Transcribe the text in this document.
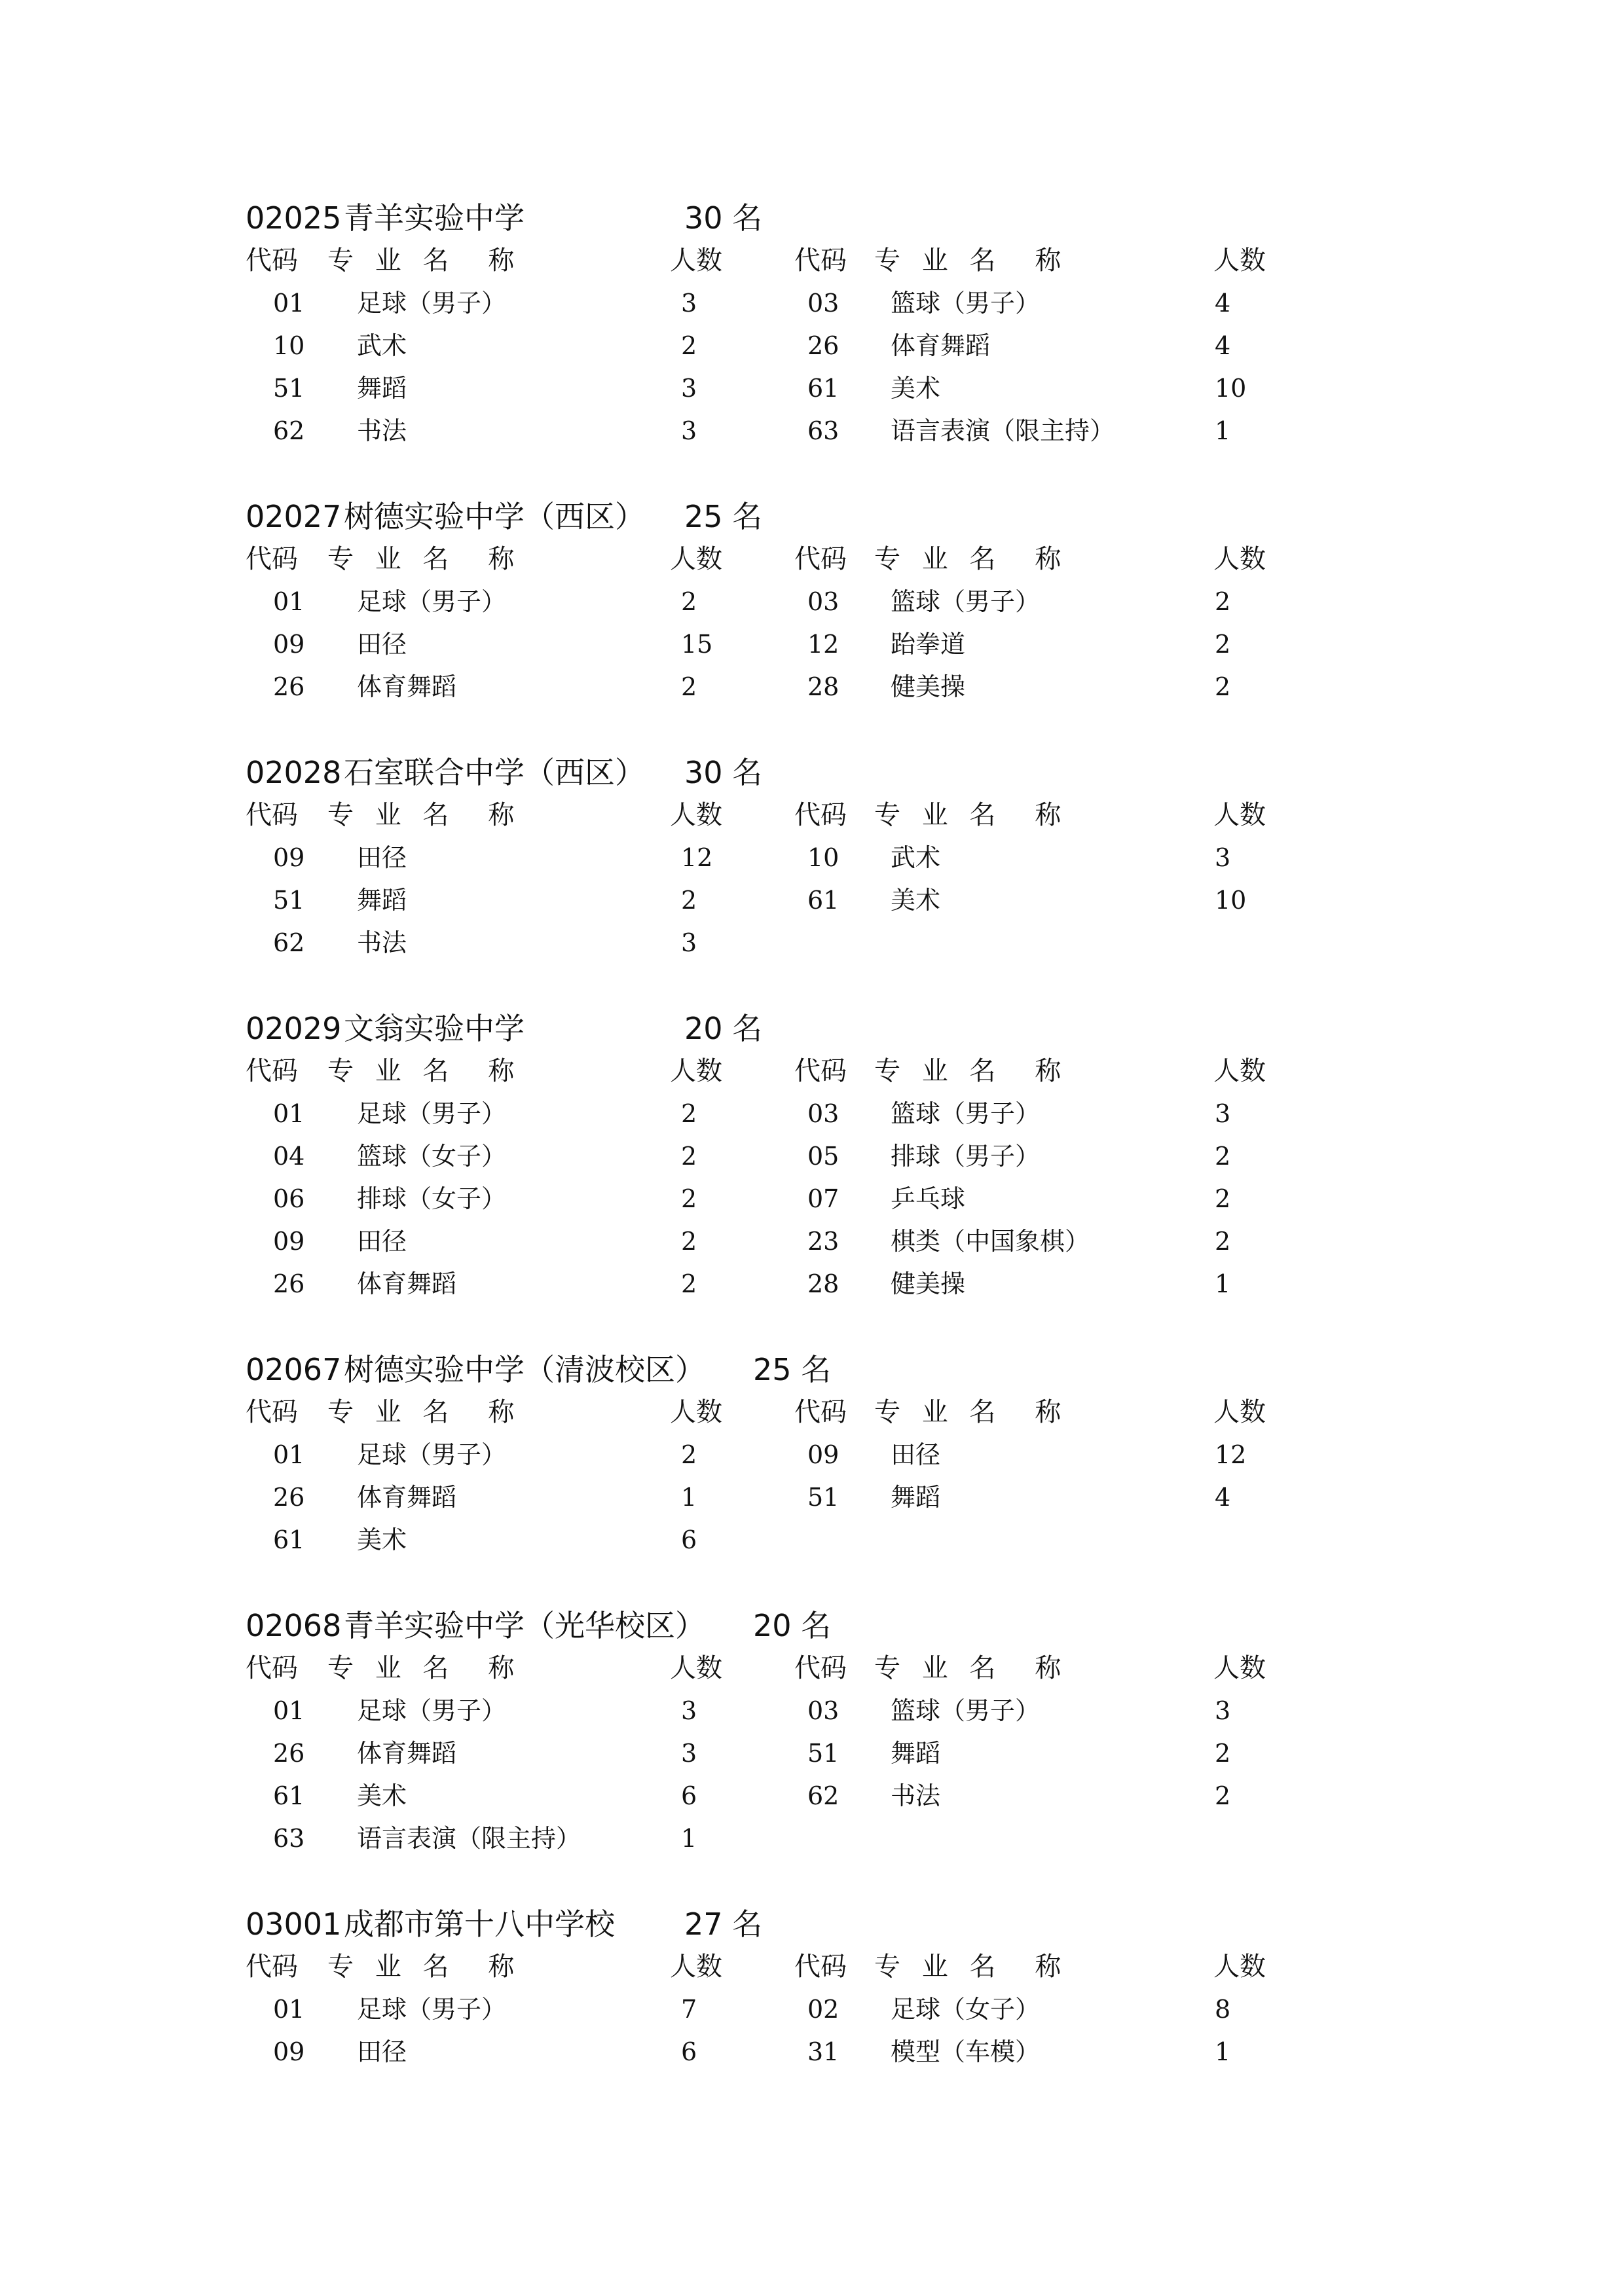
02025 青羊实验中学	30 名
代码 专 业 名　称	人数	代码 专 业 名　称	人数
01 足球（男子）	3	03 篮球（男子）	4
10 武术	2	26 体育舞蹈	4
51 舞蹈	3	61 美术	10
62 书法	3	63 语言表演（限主持）	1
02027 树德实验中学（西区） 25 名
代码 专 业 名　称	人数	代码 专 业 名　称	人数
01 足球（男子）	2	03 篮球（男子）	2
09 田径	15	12 跆拳道	2
26 体育舞蹈	2	28 健美操	2
02028 石室联合中学（西区） 30 名
代码 专 业 名　称	人数	代码 专 业 名　称	人数
09 田径	12	10 武术	3
51 舞蹈	2	61 美术	10
62 书法	3
02029 文翁实验中学	20 名
代码 专 业 名　称	人数	代码 专 业 名　称	人数
01 足球（男子）	2	03 篮球（男子）	3
04 篮球（女子）	2	05 排球（男子）	2
06 排球（女子）	2	07 乒乓球	2
09 田径	2	23 棋类（中国象棋）	2
26 体育舞蹈	2	28 健美操	1
02067 树德实验中学（清波校区） 25 名
代码 专 业 名　称	人数	代码 专 业 名　称	人数
01 足球（男子）	2	09 田径	12
26 体育舞蹈	1	51 舞蹈	4
61 美术	6
02068 青羊实验中学（光华校区） 20 名
代码 专 业 名　称	人数	代码 专 业 名　称	人数
01 足球（男子）	3	03 篮球（男子）	3
26 体育舞蹈	3	51 舞蹈	2
61 美术	6	62 书法	2
63 语言表演（限主持）	1
03001 成都市第十八中学校 27 名
代码 专 业 名　称	人数	代码 专 业 名　称	人数
01 足球（男子）	7	02 足球（女子）	8
09 田径	6	31 模型（车模）	1
